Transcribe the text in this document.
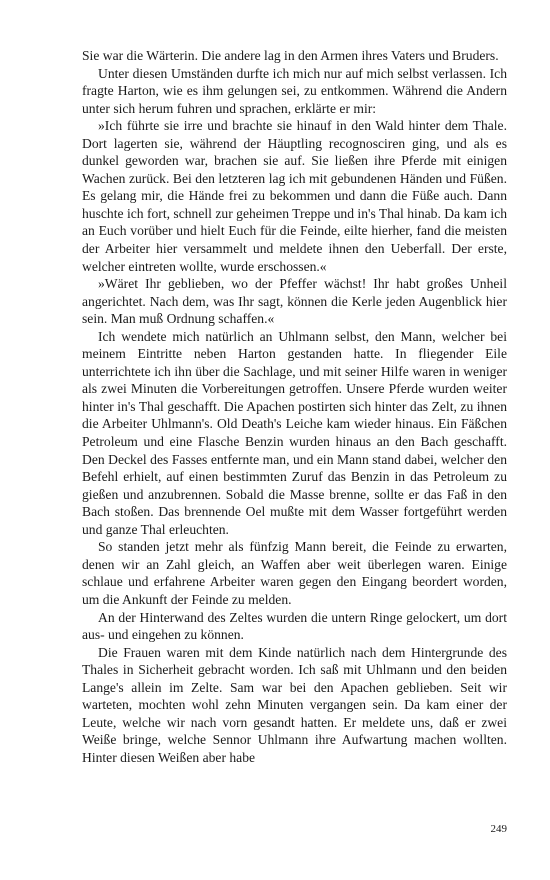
Sie war die Wärterin. Die andere lag in den Armen ihres Vaters und Bruders.

Unter diesen Umständen durfte ich mich nur auf mich selbst verlassen. Ich fragte Harton, wie es ihm gelungen sei, zu entkommen. Während die Andern unter sich herum fuhren und sprachen, erklärte er mir:

»Ich führte sie irre und brachte sie hinauf in den Wald hinter dem Thale. Dort lagerten sie, während der Häuptling recognosciren ging, und als es dunkel geworden war, brachen sie auf. Sie ließen ihre Pferde mit einigen Wachen zurück. Bei den letzteren lag ich mit gebundenen Händen und Füßen. Es gelang mir, die Hände frei zu bekommen und dann die Füße auch. Dann huschte ich fort, schnell zur geheimen Treppe und in's Thal hinab. Da kam ich an Euch vorüber und hielt Euch für die Feinde, eilte hierher, fand die meisten der Arbeiter hier versammelt und meldete ihnen den Ueberfall. Der erste, welcher eintreten wollte, wurde erschossen.«

»Wäret Ihr geblieben, wo der Pfeffer wächst! Ihr habt großes Unheil angerichtet. Nach dem, was Ihr sagt, können die Kerle jeden Augenblick hier sein. Man muß Ordnung schaffen.«

Ich wendete mich natürlich an Uhlmann selbst, den Mann, welcher bei meinem Eintritte neben Harton gestanden hatte. In fliegender Eile unterrichtete ich ihn über die Sachlage, und mit seiner Hilfe waren in weniger als zwei Minuten die Vorbereitungen getroffen. Unsere Pferde wurden weiter hinter in's Thal geschafft. Die Apachen postirten sich hinter das Zelt, zu ihnen die Arbeiter Uhlmann's. Old Death's Leiche kam wieder hinaus. Ein Fäßchen Petroleum und eine Flasche Benzin wurden hinaus an den Bach geschafft. Den Deckel des Fasses entfernte man, und ein Mann stand dabei, welcher den Befehl erhielt, auf einen bestimmten Zuruf das Benzin in das Petroleum zu gießen und anzubrennen. Sobald die Masse brenne, sollte er das Faß in den Bach stoßen. Das brennende Oel mußte mit dem Wasser fortgeführt werden und ganze Thal erleuchten.

So standen jetzt mehr als fünfzig Mann bereit, die Feinde zu erwarten, denen wir an Zahl gleich, an Waffen aber weit überlegen waren. Einige schlaue und erfahrene Arbeiter waren gegen den Eingang beordert worden, um die Ankunft der Feinde zu melden.

An der Hinterwand des Zeltes wurden die untern Ringe gelockert, um dort aus- und eingehen zu können.

Die Frauen waren mit dem Kinde natürlich nach dem Hintergrunde des Thales in Sicherheit gebracht worden. Ich saß mit Uhlmann und den beiden Lange's allein im Zelte. Sam war bei den Apachen geblieben. Seit wir warteten, mochten wohl zehn Minuten vergangen sein. Da kam einer der Leute, welche wir nach vorn gesandt hatten. Er meldete uns, daß er zwei Weiße bringe, welche Sennor Uhlmann ihre Aufwartung machen wollten. Hinter diesen Weißen aber habe

249
